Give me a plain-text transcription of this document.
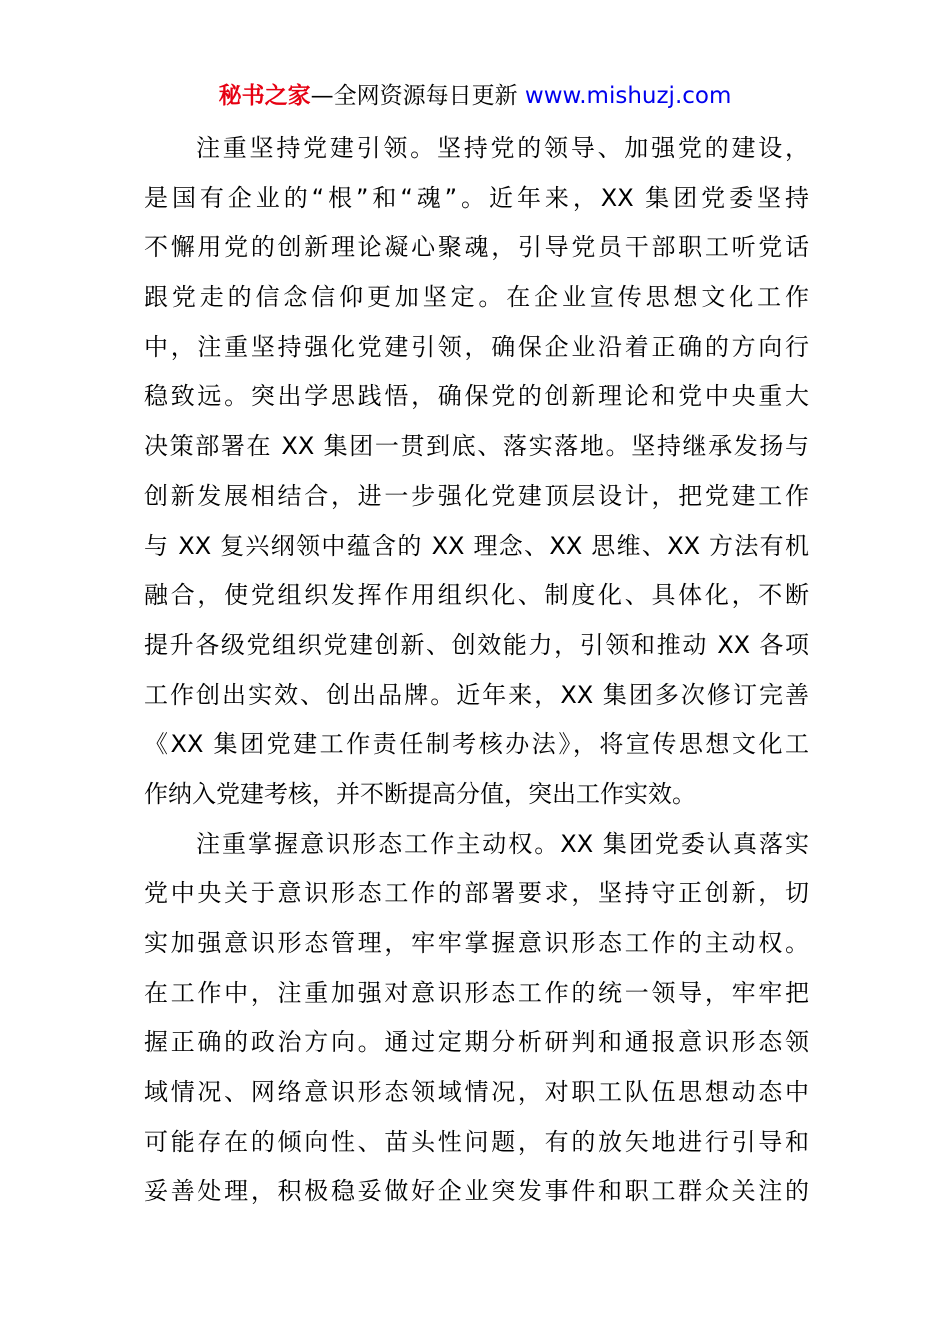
秘书之家—全网资源每日更新 www.mishuzj.com
注重坚持党建引领。坚持党的领导、加强党的建设，
是国有企业的“根”和“魂”。近年来，XX 集团党委坚持
不懈用党的创新理论凝心聚魂，引导党员干部职工听党话
跟党走的信念信仰更加坚定。在企业宣传思想文化工作
中，注重坚持强化党建引领，确保企业沿着正确的方向行
稳致远。突出学思践悟，确保党的创新理论和党中央重大
决策部署在 XX 集团一贯到底、落实落地。坚持继承发扬与
创新发展相结合，进一步强化党建顶层设计，把党建工作
与 XX 复兴纲领中蕴含的 XX 理念、XX 思维、XX 方法有机
融合，使党组织发挥作用组织化、制度化、具体化，不断
提升各级党组织党建创新、创效能力，引领和推动 XX 各项
工作创出实效、创出品牌。近年来，XX 集团多次修订完善
《XX 集团党建工作责任制考核办法》，将宣传思想文化工
作纳入党建考核，并不断提高分值，突出工作实效。
注重掌握意识形态工作主动权。XX 集团党委认真落实
党中央关于意识形态工作的部署要求，坚持守正创新，切
实加强意识形态管理，牢牢掌握意识形态工作的主动权。
在工作中，注重加强对意识形态工作的统一领导，牢牢把
握正确的政治方向。通过定期分析研判和通报意识形态领
域情况、网络意识形态领域情况，对职工队伍思想动态中
可能存在的倾向性、苗头性问题，有的放矢地进行引导和
妥善处理，积极稳妥做好企业突发事件和职工群众关注的
